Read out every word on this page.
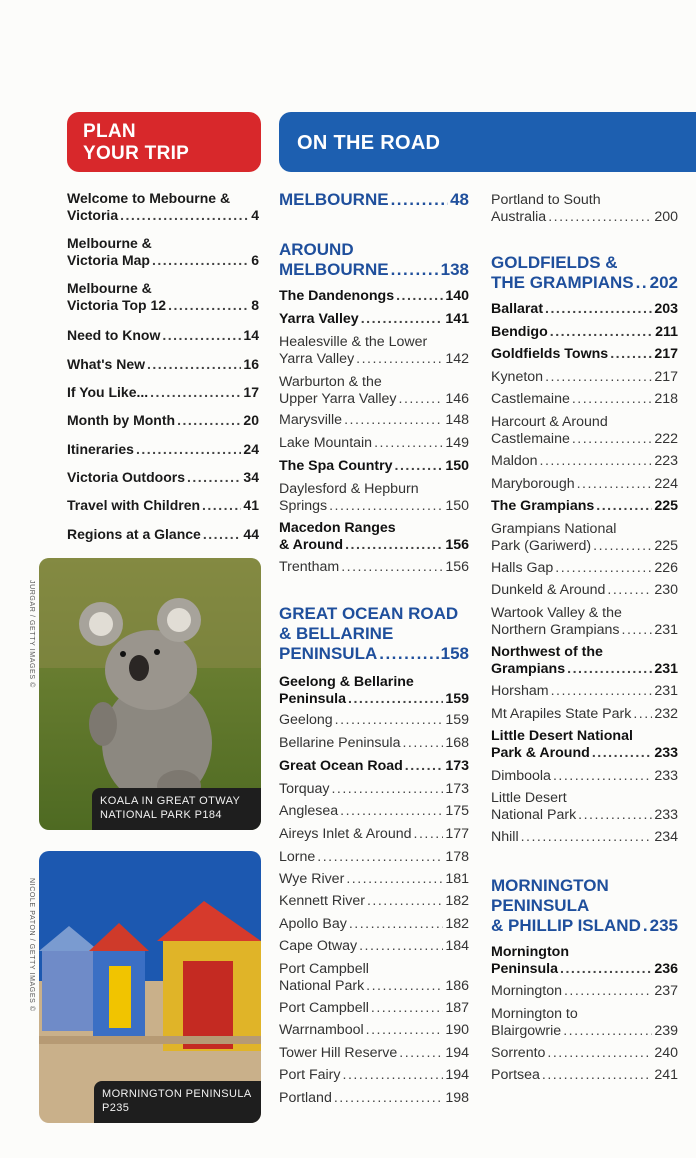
PLAN
YOUR TRIP	ON THE ROAD
Welcome to Mebourne &
Victoria .....	4
Melbourne &
Victoria Map .....	6
Melbourne &
Victoria Top 12 .....	8
Need to Know .....	14
What's New .....	16
If You Like... .....	17
Month by Month .....	20
Itineraries .....	24
Victoria Outdoors .....	34
Travel with Children .....	41
Regions at a Glance .....	44
KOALA IN GREAT OTWAY
NATIONAL PARK P184
JURGAR / GETTY IMAGES ©
MORNINGTON PENINSULA
P235
NICOLE PATON / GETTY IMAGES ©
MELBOURNE .....	48
AROUND
MELBOURNE .....	138
The Dandenongs .....	140
Yarra Valley .....	141
Healesville & the Lower
Yarra Valley .....	142
Warburton & the
Upper Yarra Valley .....	146
Marysville .....	148
Lake Mountain .....	149
The Spa Country .....	150
Daylesford & Hepburn
Springs .....	150
Macedon Ranges
& Around .....	156
Trentham .....	156
GREAT OCEAN ROAD
& BELLARINE
PENINSULA .....	158
Geelong & Bellarine
Peninsula .....	159
Geelong .....	159
Bellarine Peninsula .....	168
Great Ocean Road .....	173
Torquay .....	173
Anglesea .....	175
Aireys Inlet & Around ..... 177
Lorne .....	178
Wye River .....	181
Kennett River .....	182
Apollo Bay .....	182
Cape Otway .....	184
Port Campbell
National Park .....	186
Port Campbell .....	187
Warrnambool .....	190
Tower Hill Reserve .....	194
Port Fairy .....	194
Portland .....	198
Portland to South
Australia .....	200
GOLDFIELDS &
THE GRAMPIANS ..... 202
Ballarat .....	203
Bendigo .....	211
Goldfields Towns .....	217
Kyneton .....	217
Castlemaine .....	218
Harcourt & Around
Castlemaine .....	222
Maldon .....	223
Maryborough .....	224
The Grampians .....	225
Grampians National
Park (Gariwerd) .....	225
Halls Gap .....	226
Dunkeld & Around .....	230
Wartook Valley & the
Northern Grampians ..... 231
Northwest of the
Grampians .....	231
Horsham .....	231
Mt Arapiles State Park ..... 232
Little Desert National
Park & Around .....	233
Dimboola .....	233
Little Desert
National Park .....	233
Nhill .....	234
MORNINGTON
PENINSULA
& PHILLIP ISLAND ..... 235
Mornington
Peninsula .....	236
Mornington .....	237
Mornington to
Blairgowrie .....	239
Sorrento .....	240
Portsea .....	241
